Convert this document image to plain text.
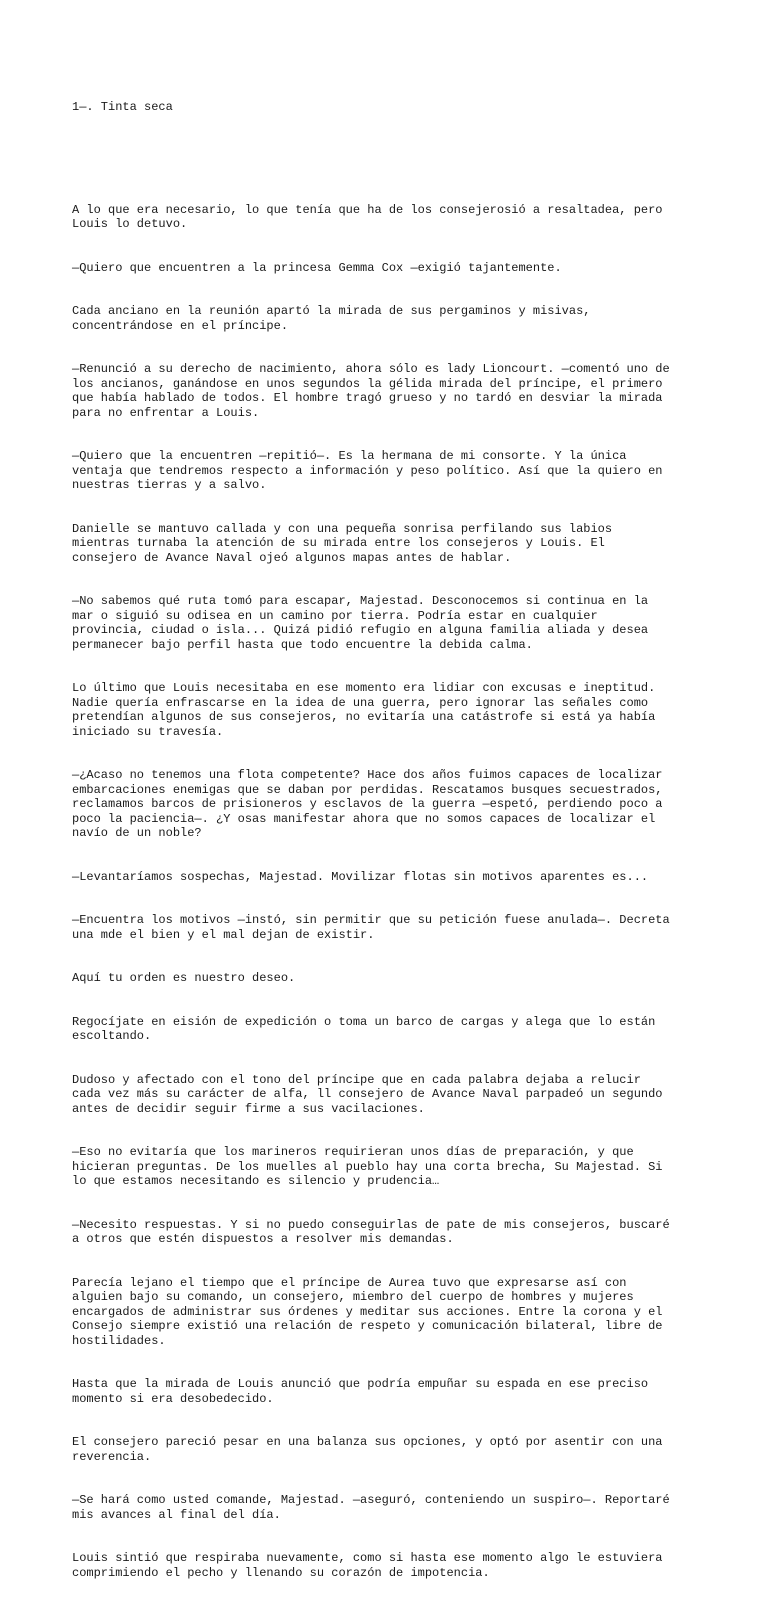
1—. Tinta seca

A lo que era necesario, lo que tenía que ha de los consejerosió a resaltadea, pero
Louis lo detuvo.

—Quiero que encuentren a la princesa Gemma Cox —exigió tajantemente.

Cada anciano en la reunión apartó la mirada de sus pergaminos y misivas,
concentrándose en el príncipe.

—Renunció a su derecho de nacimiento, ahora sólo es lady Lioncourt. —comentó uno de
los ancianos, ganándose en unos segundos la gélida mirada del príncipe, el primero
que había hablado de todos. El hombre tragó grueso y no tardó en desviar la mirada
para no enfrentar a Louis.

—Quiero que la encuentren —repitió—. Es la hermana de mi consorte. Y la única
ventaja que tendremos respecto a información y peso político. Así que la quiero en
nuestras tierras y a salvo.

Danielle se mantuvo callada y con una pequeña sonrisa perfilando sus labios
mientras turnaba la atención de su mirada entre los consejeros y Louis. El
consejero de Avance Naval ojeó algunos mapas antes de hablar.

—No sabemos qué ruta tomó para escapar, Majestad. Desconocemos si continua en la
mar o siguió su odisea en un camino por tierra. Podría estar en cualquier
provincia, ciudad o isla... Quizá pidió refugio en alguna familia aliada y desea
permanecer bajo perfil hasta que todo encuentre la debida calma.

Lo último que Louis necesitaba en ese momento era lidiar con excusas e ineptitud.
Nadie quería enfrascarse en la idea de una guerra, pero ignorar las señales como
pretendían algunos de sus consejeros, no evitaría una catástrofe si está ya había
iniciado su travesía.

—¿Acaso no tenemos una flota competente? Hace dos años fuimos capaces de localizar
embarcaciones enemigas que se daban por perdidas. Rescatamos busques secuestrados,
reclamamos barcos de prisioneros y esclavos de la guerra —espetó, perdiendo poco a
poco la paciencia—. ¿Y osas manifestar ahora que no somos capaces de localizar el
navío de un noble?

—Levantaríamos sospechas, Majestad. Movilizar flotas sin motivos aparentes es...

—Encuentra los motivos —instó, sin permitir que su petición fuese anulada—. Decreta
una mde el bien y el mal dejan de existir.

Aquí tu orden es nuestro deseo.

Regocíjate en eisión de expedición o toma un barco de cargas y alega que lo están
escoltando.

Dudoso y afectado con el tono del príncipe que en cada palabra dejaba a relucir
cada vez más su carácter de alfa, ll consejero de Avance Naval parpadeó un segundo
antes de decidir seguir firme a sus vacilaciones.

—Eso no evitaría que los marineros requirieran unos días de preparación, y que
hicieran preguntas. De los muelles al pueblo hay una corta brecha, Su Majestad. Si
lo que estamos necesitando es silencio y prudencia…

—Necesito respuestas. Y si no puedo conseguirlas de pate de mis consejeros, buscaré
a otros que estén dispuestos a resolver mis demandas.

Parecía lejano el tiempo que el príncipe de Aurea tuvo que expresarse así con
alguien bajo su comando, un consejero, miembro del cuerpo de hombres y mujeres
encargados de administrar sus órdenes y meditar sus acciones. Entre la corona y el
Consejo siempre existió una relación de respeto y comunicación bilateral, libre de
hostilidades.

Hasta que la mirada de Louis anunció que podría empuñar su espada en ese preciso
momento si era desobedecido.

El consejero pareció pesar en una balanza sus opciones, y optó por asentir con una
reverencia.

—Se hará como usted comande, Majestad. —aseguró, conteniendo un suspiro—. Reportaré
mis avances al final del día.

Louis sintió que respiraba nuevamente, como si hasta ese momento algo le estuviera
comprimiendo el pecho y llenando su corazón de impotencia.
